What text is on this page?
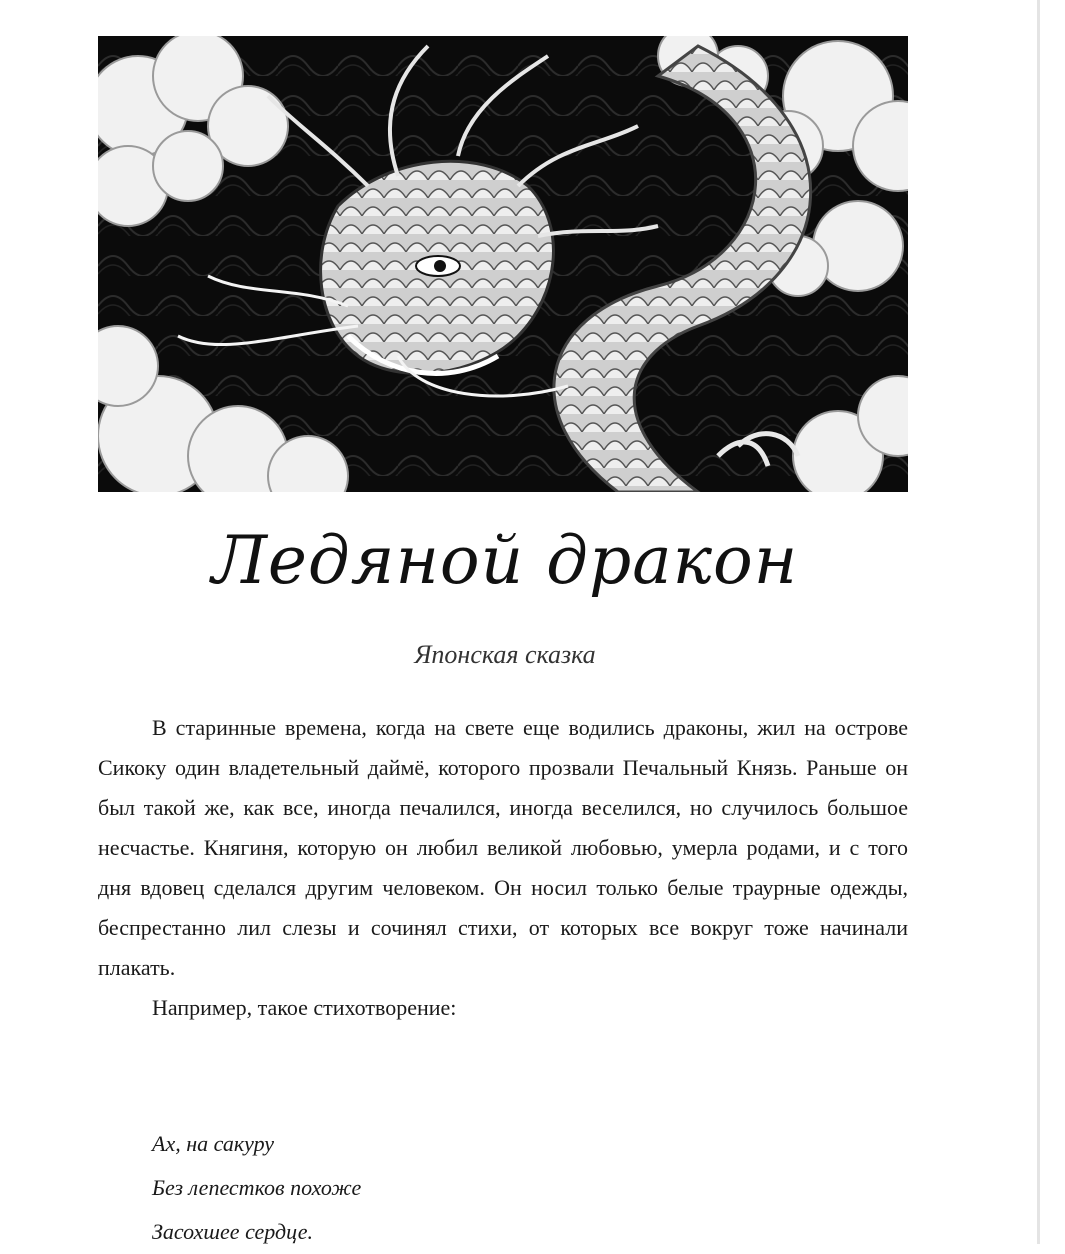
Ледяной дракон
Японская сказка

В старинные времена, когда на свете еще водились драконы, жил на острове Сикоку один владетельный даймё, которого прозвали Печальный Князь. Раньше он был такой же, как все, иногда печалился, иногда веселился, но случилось большое несчастье. Княгиня, которую он любил великой любовью, умерла родами, и с того дня вдовец сделался другим человеком. Он носил только белые траурные одежды, беспрестанно лил слезы и сочинял стихи, от которых все вокруг тоже начинали плакать.

Например, такое стихотворение:

Ах, на сакуру
Без лепестков похоже
Засохшее сердце.
